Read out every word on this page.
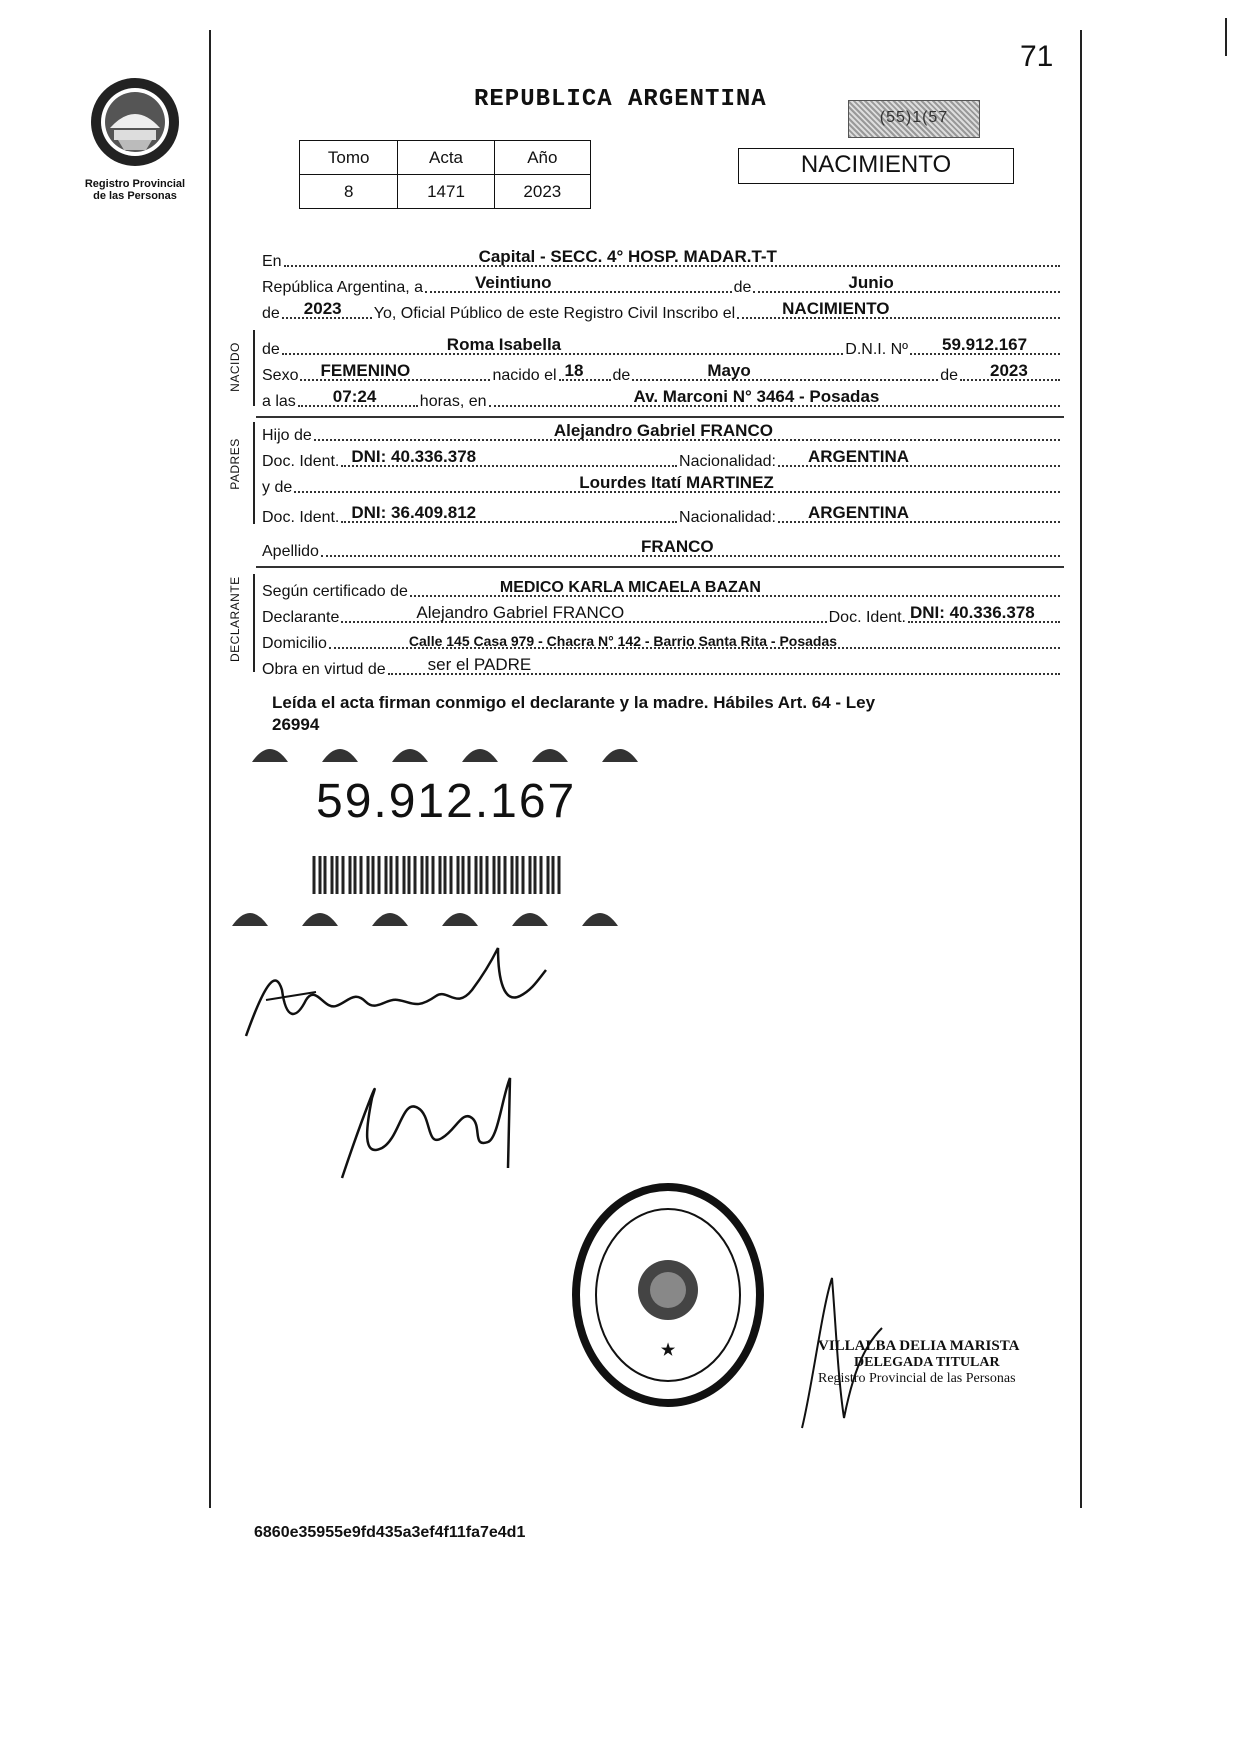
71
Registro Provincial
de las Personas
REPUBLICA ARGENTINA
Tomo	Acta	Año
8	1471	2023
(55)1(57
NACIMIENTO
NACIDO
PADRES
DECLARANTE
En	Capital - SECC. 4° HOSP. MADAR.T-T
República Argentina, a	Veintiuno	de	Junio
de 2023 Yo, Oficial Público de este Registro Civil Inscribo el	NACIMIENTO
de	Roma Isabella	D.N.I. Nº 59.912.167
Sexo FEMENINO	nacido el 18 de	Mayo	de 2023
a las 07:24	horas, en	Av. Marconi N° 3464 - Posadas
Hijo de	Alejandro Gabriel FRANCO
Doc. Ident. DNI: 40.336.378	Nacionalidad: ARGENTINA
y de	Lourdes Itatí MARTINEZ
Doc. Ident. DNI: 36.409.812	Nacionalidad: ARGENTINA
Apellido	FRANCO
Según certificado de	MEDICO KARLA MICAELA BAZAN
Declarante	Alejandro Gabriel FRANCO	Doc. Ident. DNI: 40.336.378
Domicilio	Calle 145 Casa 979 - Chacra N° 142 - Barrio Santa Rita - Posadas
Obra en virtud de ser el PADRE
Leída el acta firman conmigo el declarante y la madre. Hábiles Art. 64 - Ley
26994
59.912.167
★	VILLALBA DELIA MARISTA
DELEGADA TITULAR
Registro Provincial de las Personas
6860e35955e9fd435a3ef4f11fa7e4d1
